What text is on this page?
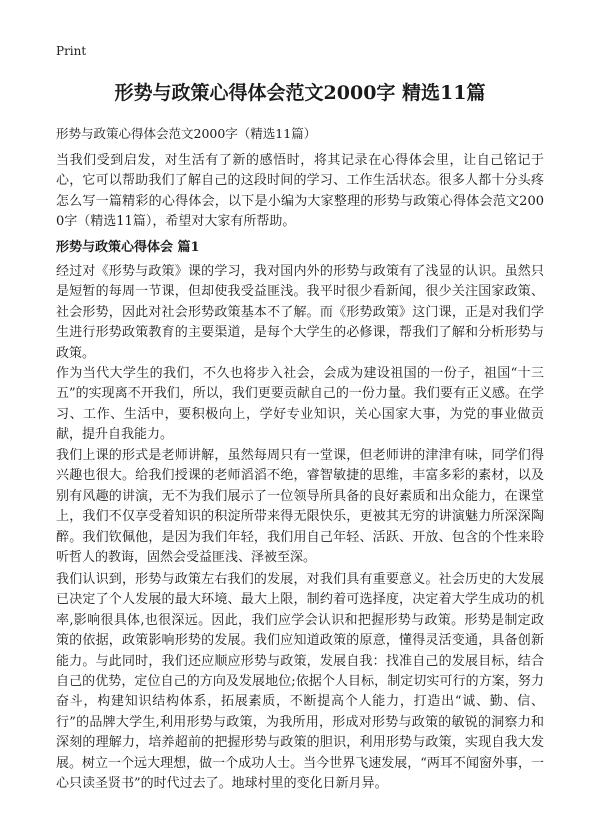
Print
形势与政策心得体会范文2000字 精选11篇

形势与政策心得体会范文2000字（精选11篇）

当我们受到启发，对生活有了新的感悟时，将其记录在心得体会里，让自己铭记于心，它可以帮助我们了解自己的这段时间的学习、工作生活状态。很多人都十分头疼怎么写一篇精彩的心得体会，以下是小编为大家整理的形势与政策心得体会范文2000字（精选11篇），希望对大家有所帮助。

形势与政策心得体会 篇1

经过对《形势与政策》课的学习，我对国内外的形势与政策有了浅显的认识。虽然只是短暂的每周一节课，但却使我受益匪浅。我平时很少看新闻，很少关注国家政策、社会形势，因此对社会形势政策基本不了解。而《形势政策》这门课，正是对我们学生进行形势政策教育的主要渠道，是每个大学生的必修课，帮我们了解和分析形势与政策。

作为当代大学生的我们，不久也将步入社会，会成为建设祖国的一份子，祖国“十三五”的实现离不开我们，所以，我们更要贡献自己的一份力量。我们要有正义感。在学习、工作、生活中，要积极向上，学好专业知识，关心国家大事，为党的事业做贡献，提升自我能力。

我们上课的形式是老师讲解，虽然每周只有一堂课，但老师讲的津津有味，同学们得兴趣也很大。给我们授课的老师滔滔不绝，睿智敏捷的思维，丰富多彩的素材，以及别有风趣的讲演，无不为我们展示了一位领导所具备的良好素质和出众能力，在课堂上，我们不仅享受着知识的积淀所带来得无限快乐，更被其无穷的讲演魅力所深深陶醉。我们钦佩他，是因为我们年轻，我们用自己年轻、活跃、开放、包含的个性来聆听哲人的教诲，固然会受益匪浅、泽被至深。

我们认识到，形势与政策左右我们的发展，对我们具有重要意义。社会历史的大发展已决定了个人发展的最大环境、最大上限，制约着可选择度，决定着大学生成功的机率,影响很具体,也很深远。因此，我们应学会认识和把握形势与政策。形势是制定政策的依据，政策影响形势的发展。我们应知道政策的原意，懂得灵活变通，具备创新能力。与此同时，我们还应顺应形势与政策，发展自我：找准自己的发展目标，结合自己的优势，定位自己的方向及发展地位;依据个人目标，制定切实可行的方案，努力奋斗，构建知识结构体系，拓展素质，不断提高个人能力，打造出“诚、勤、信、行”的品牌大学生,利用形势与政策，为我所用，形成对形势与政策的敏锐的洞察力和深刻的理解力，培养超前的把握形势与政策的胆识，利用形势与政策，实现自我大发展。树立一个远大理想，做一个成功人士。当今世界飞速发展，“两耳不闻窗外事，一心只读圣贤书”的时代过去了。地球村里的变化日新月异。
